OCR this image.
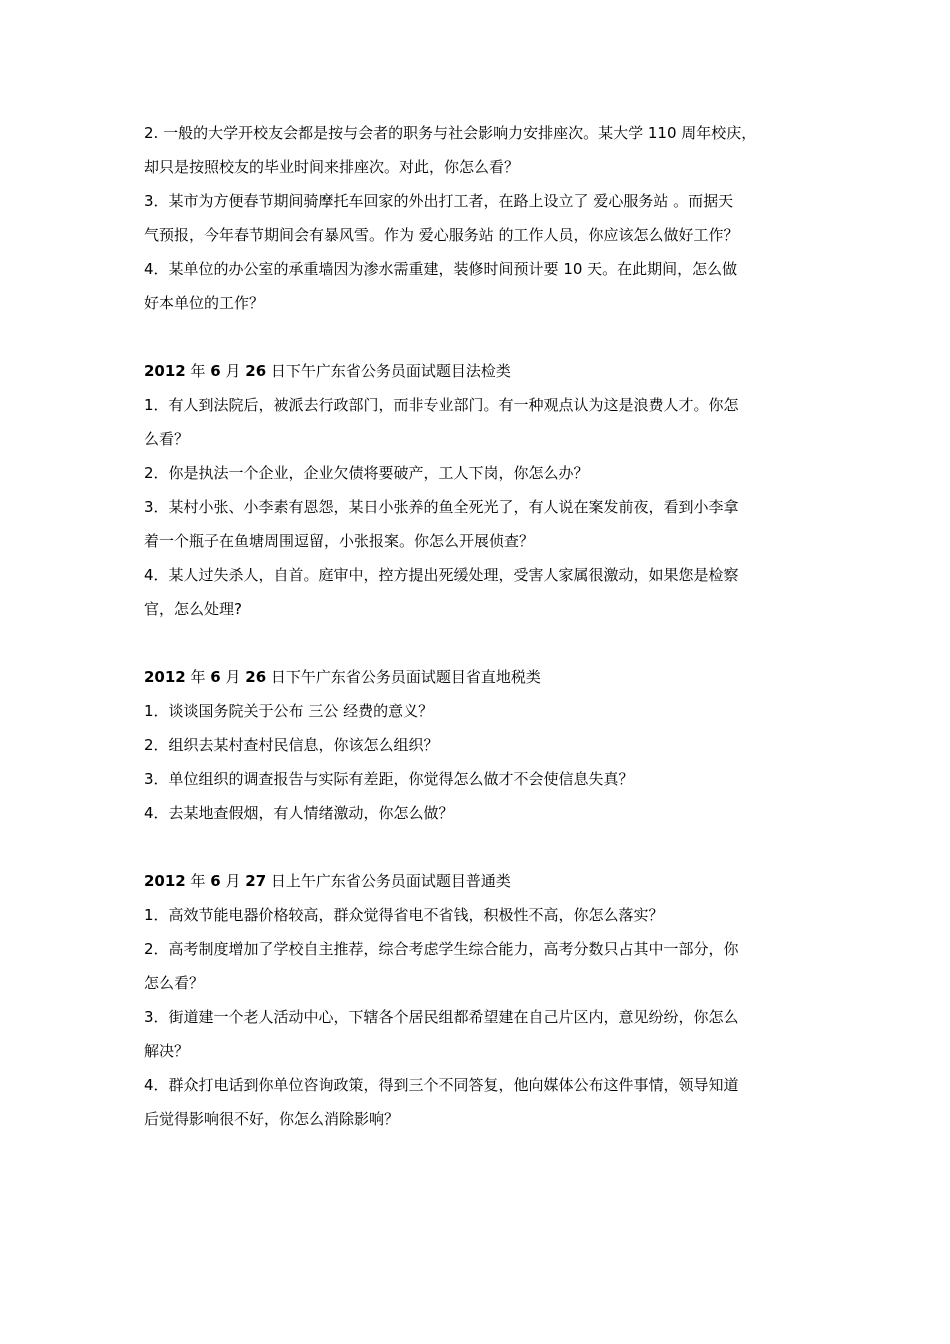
2. 一般的大学开校友会都是按与会者的职务与社会影响力安排座次。某大学 110 周年校庆，
却只是按照校友的毕业时间来排座次。对此，你怎么看？

3．某市为方便春节期间骑摩托车回家的外出打工者，在路上设立了 爱心服务站 。而据天
气预报，今年春节期间会有暴风雪。作为 爱心服务站 的工作人员，你应该怎么做好工作？

4．某单位的办公室的承重墙因为渗水需重建，装修时间预计要 10 天。在此期间，怎么做
好本单位的工作？

2012 年 6 月 26 日下午广东省公务员面试题目法检类

1．有人到法院后，被派去行政部门，而非专业部门。有一种观点认为这是浪费人才。你怎
么看？

2．你是执法一个企业，企业欠债将要破产，工人下岗，你怎么办？

3．某村小张、小李素有恩怨，某日小张养的鱼全死光了，有人说在案发前夜，看到小李拿
着一个瓶子在鱼塘周围逗留，小张报案。你怎么开展侦查？

4．某人过失杀人，自首。庭审中，控方提出死缓处理，受害人家属很激动，如果您是检察
官，怎么处理?

2012 年 6 月 26 日下午广东省公务员面试题目省直地税类

1．谈谈国务院关于公布 三公 经费的意义？

2．组织去某村查村民信息，你该怎么组织？

3．单位组织的调查报告与实际有差距，你觉得怎么做才不会使信息失真？

4．去某地查假烟，有人情绪激动，你怎么做？

2012 年 6 月 27 日上午广东省公务员面试题目普通类

1．高效节能电器价格较高，群众觉得省电不省钱，积极性不高，你怎么落实？

2．高考制度增加了学校自主推荐，综合考虑学生综合能力，高考分数只占其中一部分，你
怎么看？

3．街道建一个老人活动中心，下辖各个居民组都希望建在自己片区内，意见纷纷，你怎么
解决？

4．群众打电话到你单位咨询政策，得到三个不同答复，他向媒体公布这件事情，领导知道
后觉得影响很不好，你怎么消除影响？
